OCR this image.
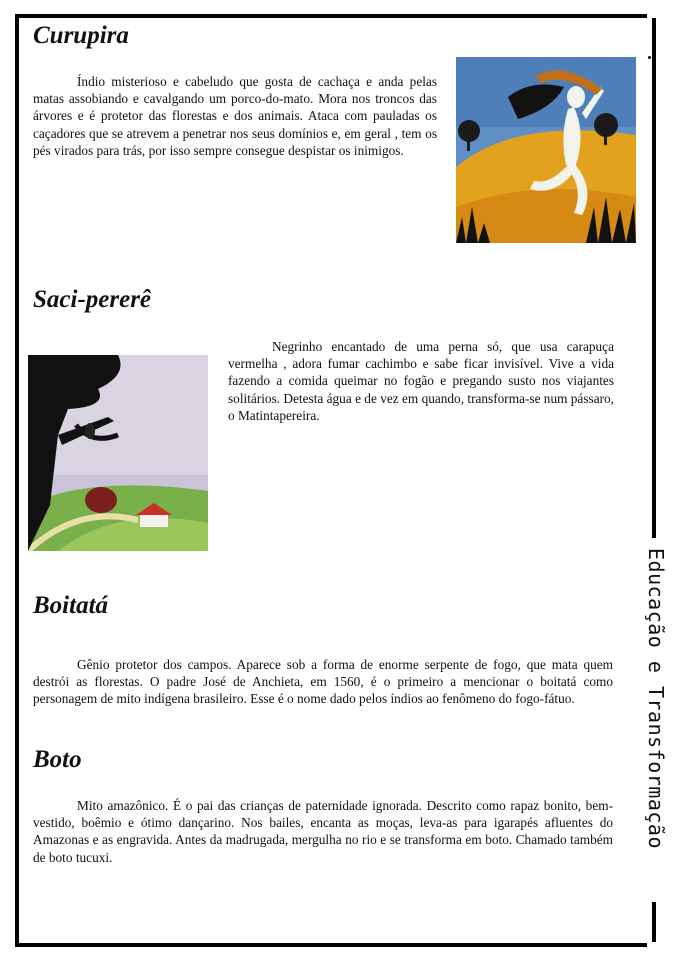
Educação e Transformação
Curupira

Índio misterioso e cabeludo que gosta de cachaça e anda pelas matas assobiando e cavalgando um porco-do-mato. Mora nos troncos das árvores e é protetor das florestas e dos animais. Ataca com pauladas os caçadores que se atrevem a penetrar nos seus domínios e, em geral , tem os pés virados para trás, por isso sempre consegue despistar os inimigos.

Saci-pererê

Negrinho encantado de uma perna só, que usa carapuça vermelha , adora fumar cachimbo e sabe ficar invisível. Vive a vida fazendo a comida queimar no fogão e pregando susto nos viajantes solitários. Detesta água e de vez em quando, transforma-se num pássaro, o Matintapereira.

Boitatá

Gênio protetor dos campos. Aparece sob a forma de enorme serpente de fogo, que mata quem destrói as florestas. O padre José de Anchieta, em 1560, é o primeiro a mencionar o boitatá como personagem de mito indígena brasileiro. Esse é o nome dado pelos índios ao fenômeno do fogo-fátuo.

Boto

Mito amazônico. É o pai das crianças de paternidade ignorada. Descrito como rapaz bonito, bem-vestido, boêmio e ótimo dançarino. Nos bailes, encanta as moças, leva-as para igarapés afluentes do Amazonas e as engravida. Antes da madrugada, mergulha no rio e se transforma em boto. Chamado também de boto tucuxi.
